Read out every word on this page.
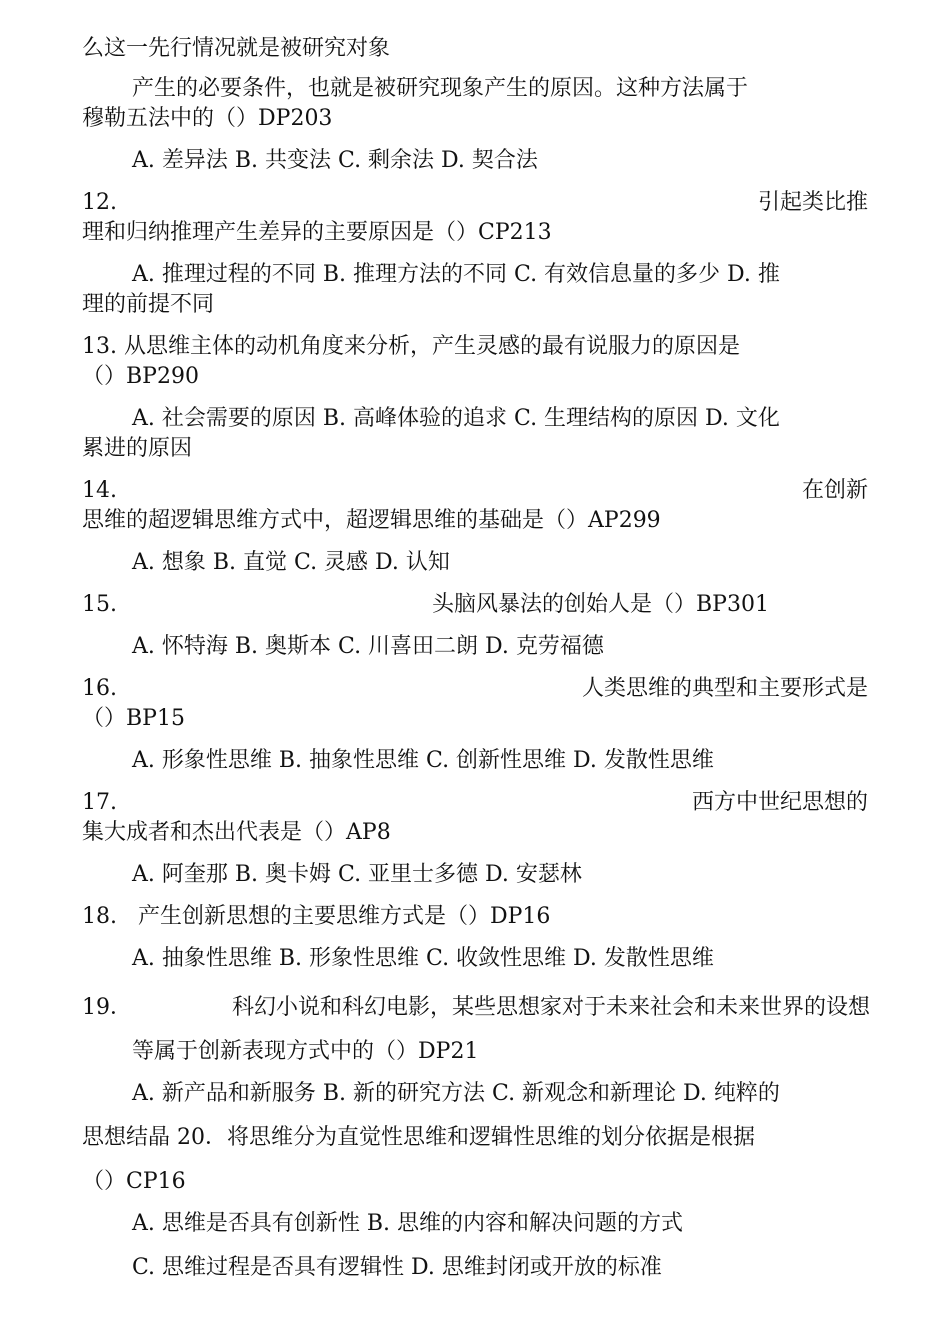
么这一先行情况就是被研究对象
产生的必要条件，也就是被研究现象产生的原因。这种方法属于
穆勒五法中的（）DP203
A. 差异法 B. 共变法 C. 剩余法 D. 契合法
12.	引起类比推
理和归纳推理产生差异的主要原因是（）CP213
A. 推理过程的不同 B. 推理方法的不同 C. 有效信息量的多少 D. 推
理的前提不同
13. 从思维主体的动机角度来分析，产生灵感的最有说服力的原因是
（）BP290
A. 社会需要的原因 B. 高峰体验的追求 C. 生理结构的原因 D. 文化
累进的原因
14.	在创新
思维的超逻辑思维方式中，超逻辑思维的基础是（）AP299
A. 想象 B. 直觉 C. 灵感 D. 认知
15.	头脑风暴法的创始人是（）BP301
A. 怀特海 B. 奥斯本 C. 川喜田二朗 D. 克劳福德
16.	人类思维的典型和主要形式是
（）BP15
A. 形象性思维 B. 抽象性思维 C. 创新性思维 D. 发散性思维
17.	西方中世纪思想的
集大成者和杰出代表是（）AP8
A. 阿奎那 B. 奥卡姆 C. 亚里士多德 D. 安瑟林
18.   产生创新思想的主要思维方式是（）DP16
A. 抽象性思维 B. 形象性思维 C. 收敛性思维 D. 发散性思维
19．	科幻小说和科幻电影，某些思想家对于未来社会和未来世界的设想
等属于创新表现方式中的（）DP21
A. 新产品和新服务 B. 新的研究方法 C. 新观念和新理论 D. 纯粹的
思想结晶 20．将思维分为直觉性思维和逻辑性思维的划分依据是根据
（）CP16
A. 思维是否具有创新性 B. 思维的内容和解决问题的方式
C. 思维过程是否具有逻辑性 D. 思维封闭或开放的标准
